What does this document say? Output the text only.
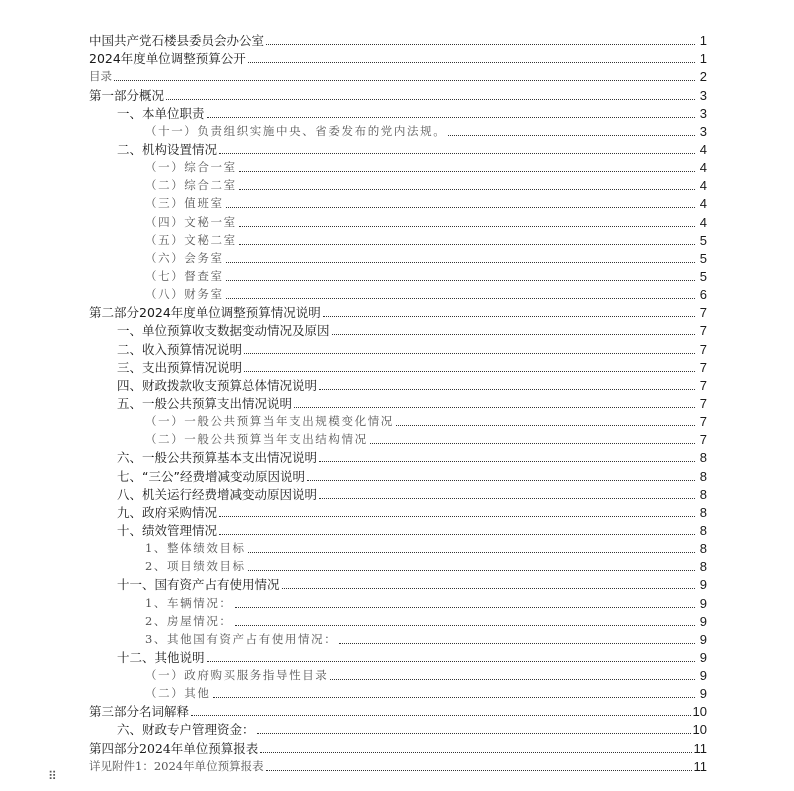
中国共产党石楼县委员会办公室	1
2024年度单位调整预算公开	1
目录	2
第一部分概况	3
一、本单位职责	3
（十一）负责组织实施中央、省委发布的党内法规。	3
二、机构设置情况	4
（一）综合一室	4
（二）综合二室	4
（三）值班室	4
（四）文秘一室	4
（五）文秘二室	5
（六）会务室	5
（七）督查室	5
（八）财务室	6
第二部分2024年度单位调整预算情况说明	7
一、单位预算收支数据变动情况及原因	7
二、收入预算情况说明	7
三、支出预算情况说明	7
四、财政拨款收支预算总体情况说明	7
五、一般公共预算支出情况说明	7
（一）一般公共预算当年支出规模变化情况	7
（二）一般公共预算当年支出结构情况	7
六、一般公共预算基本支出情况说明	8
七、“三公”经费增减变动原因说明	8
八、机关运行经费增减变动原因说明	8
九、政府采购情况	8
十、绩效管理情况	8
1、整体绩效目标	8
2、项目绩效目标	8
十一、国有资产占有使用情况	9
1、车辆情况：	9
2、房屋情况：	9
3、其他国有资产占有使用情况：	9
十二、其他说明	9
（一）政府购买服务指导性目录	9
（二）其他	9
第三部分名词解释	10
六、财政专户管理资金：	10
第四部分2024年单位预算报表	11
详见附件1：2024年单位预算报表	11
⠿
